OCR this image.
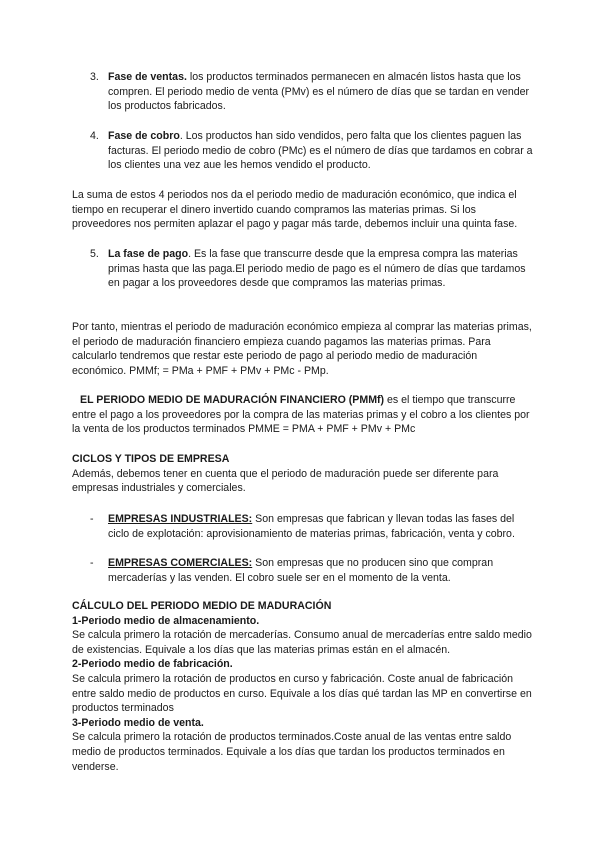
3. Fase de ventas. los productos terminados permanecen en almacén listos hasta que los compren. El periodo medio de venta (PMv) es el número de días que se tardan en vender los productos fabricados.
4. Fase de cobro. Los productos han sido vendidos, pero falta que los clientes paguen las facturas. El periodo medio de cobro (PMc) es el número de días que tardamos en cobrar a los clientes una vez aue les hemos vendido el producto.

La suma de estos 4 periodos nos da el periodo medio de maduración económico, que indica el tiempo en recuperar el dinero invertido cuando compramos las materias primas. Si los proveedores nos permiten aplazar el pago y pagar más tarde, debemos incluir una quinta fase.

5. La fase de pago. Es la fase que transcurre desde que la empresa compra las materias primas hasta que las paga.El periodo medio de pago es el número de días que tardamos en pagar a los proveedores desde que compramos las materias primas.

Por tanto, mientras el periodo de maduración económico empieza al comprar las materias primas, el periodo de maduración financiero empieza cuando pagamos las materias primas. Para calcularlo tendremos que restar este periodo de pago al periodo medio de maduración económico. PMMf; = PMa + PMF + PMv + PMc - PMp.

EL PERIODO MEDIO DE MADURACIÓN FINANCIERO (PMMf) es el tiempo que transcurre entre el pago a los proveedores por la compra de las materias primas y el cobro a los clientes por la venta de los productos terminados PMME = PMA + PMF + PMv + PMc

CICLOS Y TIPOS DE EMPRESA
Además, debemos tener en cuenta que el periodo de maduración puede ser diferente para empresas industriales y comerciales.
- EMPRESAS INDUSTRIALES: Son empresas que fabrican y llevan todas las fases del ciclo de explotación: aprovisionamiento de materias primas, fabricación, venta y cobro.
- EMPRESAS COMERCIALES: Son empresas que no producen sino que compran mercaderías y las venden. El cobro suele ser en el momento de la venta.
CÁLCULO DEL PERIODO MEDIO DE MADURACIÓN
1-Periodo medio de almacenamiento.
Se calcula primero la rotación de mercaderías. Consumo anual de mercaderías entre saldo medio de existencias. Equivale a los días que las materias primas están en el almacén.
2-Periodo medio de fabricación.
Se calcula primero la rotación de productos en curso y fabricación. Coste anual de fabricación entre saldo medio de productos en curso. Equivale a los días qué tardan las MP en convertirse en productos terminados
3-Periodo medio de venta.
Se calcula primero la rotación de productos terminados.Coste anual de las ventas entre saldo medio de productos terminados. Equivale a los días que tardan los productos terminados en venderse.
